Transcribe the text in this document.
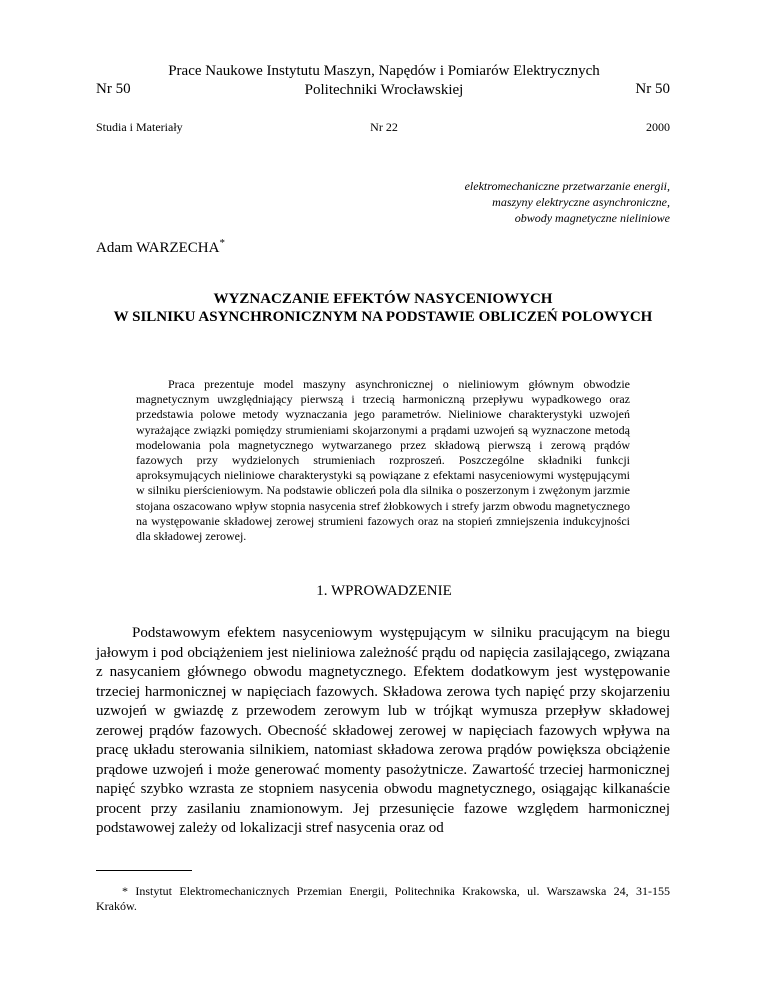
Nr 50
Prace Naukowe Instytutu Maszyn, Napędów i Pomiarów Elektrycznych
Politechniki Wrocławskiej	Nr 50
Studia i Materiały	Nr 22	2000
elektromechaniczne przetwarzanie energii,
maszyny elektryczne asynchroniczne,
obwody magnetyczne nieliniowe
Adam WARZECHA*
WYZNACZANIE EFEKTÓW NASYCENIOWYCH
W SILNIKU ASYNCHRONICZNYM NA PODSTAWIE OBLICZEŃ POLOWYCH

Praca prezentuje model maszyny asynchronicznej o nieliniowym głównym obwodzie magnetycznym uwzględniający pierwszą i trzecią harmoniczną przepływu wypadkowego oraz przedstawia polowe metody wyznaczania jego parametrów. Nieliniowe charakterystyki uzwojeń wyrażające związki pomiędzy strumieniami skojarzonymi a prądami uzwojeń są wyznaczone metodą modelowania pola magnetycznego wytwarzanego przez składową pierwszą i zerową prądów fazowych przy wydzielonych strumieniach rozproszeń. Poszczególne składniki funkcji aproksymujących nieliniowe charakterystyki są powiązane z efektami nasyceniowymi występującymi w silniku pierścieniowym. Na podstawie obliczeń pola dla silnika o poszerzonym i zwężonym jarzmie stojana oszacowano wpływ stopnia nasycenia stref żłobkowych i strefy jarzm obwodu magnetycznego na występowanie składowej zerowej strumieni fazowych oraz na stopień zmniejszenia indukcyjności dla składowej zerowej.

1. WPROWADZENIE

Podstawowym efektem nasyceniowym występującym w silniku pracującym na biegu jałowym i pod obciążeniem jest nieliniowa zależność prądu od napięcia zasilającego, związana z nasycaniem głównego obwodu magnetycznego. Efektem dodatkowym jest występowanie trzeciej harmonicznej w napięciach fazowych. Składowa zerowa tych napięć przy skojarzeniu uzwojeń w gwiazdę z przewodem zerowym lub w trójkąt wymusza przepływ składowej zerowej prądów fazowych. Obecność składowej zerowej w napięciach fazowych wpływa na pracę układu sterowania silnikiem, natomiast składowa zerowa prądów powiększa obciążenie prądowe uzwojeń i może generować momenty pasożytnicze. Zawartość trzeciej harmonicznej napięć szybko wzrasta ze stopniem nasycenia obwodu magnetycznego, osiągając kilkanaście procent przy zasilaniu znamionowym. Jej przesunięcie fazowe względem harmonicznej podstawowej zależy od lokalizacji stref nasycenia oraz od

* Instytut Elektromechanicznych Przemian Energii, Politechnika Krakowska, ul. Warszawska 24, 31-155 Kraków.
